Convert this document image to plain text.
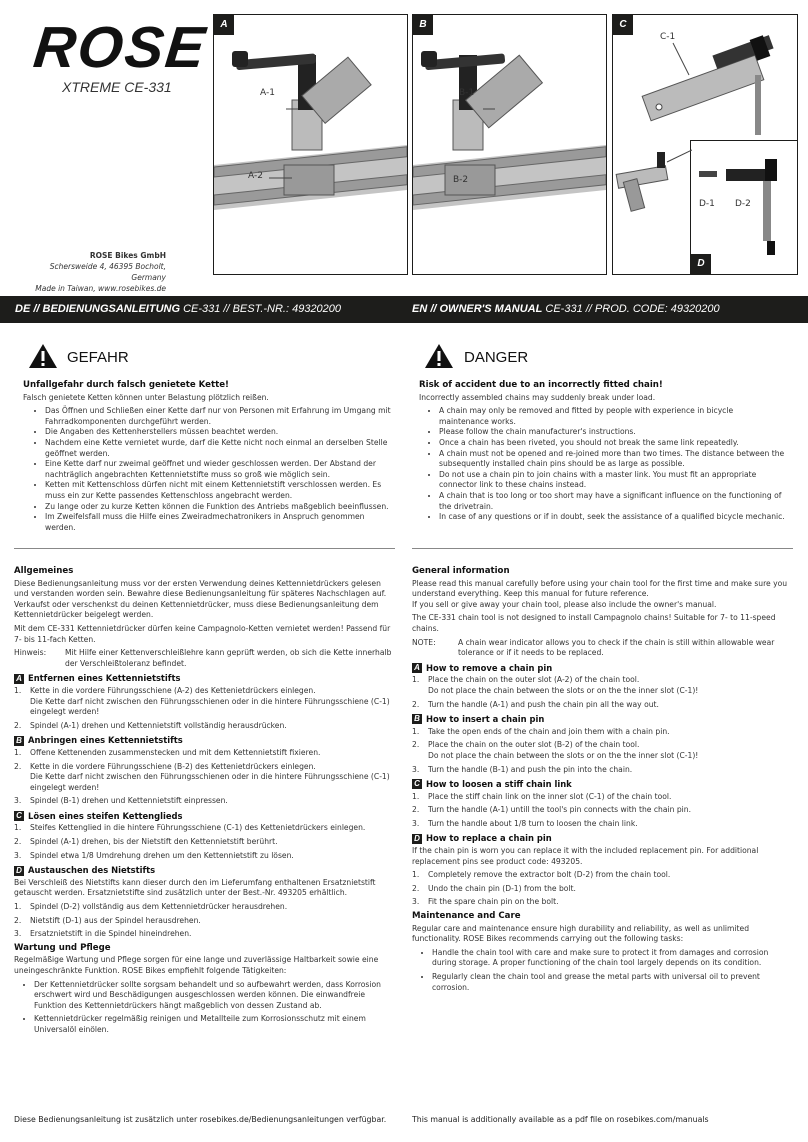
ROSE
XTREME CE-331
ROSE Bikes GmbH
Schersweide 4, 46395 Bocholt, Germany
Made in Taiwan, www.rosebikes.de
A
A-1
A-2
B
B-1
B-2
C
C-1
D
D-1 D-2
DE // BEDIENUNGSANLEITUNG CE-331 // BEST.-NR.: 49320200	EN // OWNER'S MANUAL CE-331 // PROD. CODE: 49320200
GEFAHR
Unfallgefahr durch falsch genietete Kette!

Falsch genietete Ketten können unter Belastung plötzlich reißen.

• Das Öffnen und Schließen einer Kette darf nur von Personen mit Erfahrung im Umgang mit Fahrradkomponenten durchgeführt werden.
• Die Angaben des Kettenherstellers müssen beachtet werden.
• Nachdem eine Kette vernietet wurde, darf die Kette nicht noch einmal an derselben Stelle geöffnet werden.
• Eine Kette darf nur zweimal geöffnet und wieder geschlossen werden. Der Abstand der nachträglich angebrachten Kettennietstifte muss so groß wie möglich sein.
• Ketten mit Kettenschloss dürfen nicht mit einem Kettennietstift verschlossen werden. Es muss ein zur Kette passendes Kettenschloss angebracht werden.
• Zu lange oder zu kurze Ketten können die Funktion des Antriebs maßgeblich beeinflussen.
• Im Zweifelsfall muss die Hilfe eines Zweiradmechatronikers in Anspruch genommen werden.
DANGER
Risk of accident due to an incorrectly fitted chain!

Incorrectly assembled chains may suddenly break under load.

• A chain may only be removed and fitted by people with experience in bicycle maintenance works.
• Please follow the chain manufacturer's instructions.
• Once a chain has been riveted, you should not break the same link repeatedly.
• A chain must not be opened and re-joined more than two times. The distance between the subsequently installed chain pins should be as large as possible.
• Do not use a chain pin to join chains with a master link. You must fit an appropriate connector link to these chains instead.
• A chain that is too long or too short may have a significant influence on the functioning of the drivetrain.
• In case of any questions or if in doubt, seek the assistance of a qualified bicycle mechanic.
Allgemeines

Diese Bedienungsanleitung muss vor der ersten Verwendung deines Kettennietdrückers gelesen und verstanden worden sein. Bewahre diese Bedienungsanleitung für späteres Nachschlagen auf. Verkaufst oder verschenkst du deinen Kettennietdrücker, muss diese Bedienungsanleitung dem Kettennietdrücker beigelegt werden.

Mit dem CE-331 Kettennietdrücker dürfen keine Campagnolo-Ketten vernietet werden! Passend für 7- bis 11-fach Ketten.

Hinweis:	Mit Hilfe einer Kettenverschleißlehre kann geprüft werden, ob sich die Kette innerhalb der Verschleißtoleranz befindet.
A Entfernen eines Kettennietstifts
1. Kette in die vordere Führungsschiene (A-2) des Kettenietdrückers einlegen.
Die Kette darf nicht zwischen den Führungsschienen oder in die hintere Führungsschiene (C-1) eingelegt werden!
2. Spindel (A-1) drehen und Kettennietstift vollständig herausdrücken.
B Anbringen eines Kettennietstifts
1. Offene Kettenenden zusammenstecken und mit dem Kettennietstift fixieren.
2. Kette in die vordere Führungsschiene (B-2) des Kettenietdrückers einlegen.
Die Kette darf nicht zwischen den Führungsschienen oder in die hintere Führungsschiene (C-1) eingelegt werden!
3. Spindel (B-1) drehen und Kettennietstift einpressen.
C Lösen eines steifen Kettenglieds
1. Steifes Kettenglied in die hintere Führungsschiene (C-1) des Kettenietdrückers einlegen.
2. Spindel (A-1) drehen, bis der Nietstift den Kettennietstift berührt.
3. Spindel etwa 1/8 Umdrehung drehen um den Kettennietstift zu lösen.
D Austauschen des Nietstifts

Bei Verschleiß des Nietstifts kann dieser durch den im Lieferumfang enthaltenen Ersatznietstift getauscht werden. Ersatznietstifte sind zusätzlich unter der Best.-Nr. 493205 erhältlich.

1. Spindel (D-2) vollständig aus dem Kettennietdrücker herausdrehen.
2. Nietstift (D-1) aus der Spindel herausdrehen.
3. Ersatznietstift in die Spindel hineindrehen.
Wartung und Pflege

Regelmäßige Wartung und Pflege sorgen für eine lange und zuverlässige Haltbarkeit sowie eine uneingeschränkte Funktion. ROSE Bikes empfiehlt folgende Tätigkeiten:

• Der Kettennietdrücker sollte sorgsam behandelt und so aufbewahrt werden, dass Korrosion erschwert wird und Beschädigungen ausgeschlossen werden können. Die einwandfreie Funktion des Kettennietdrückers hängt maßgeblich von dessen Zustand ab.
• Kettennietdrücker regelmäßig reinigen und Metallteile zum Korrosionsschutz mit einem Universalöl einölen.
General information

Please read this manual carefully before using your chain tool for the first time and make sure you understand everything. Keep this manual for future reference.

If you sell or give away your chain tool, please also include the owner's manual.

The CE-331 chain tool is not designed to install Campagnolo chains! Suitable for 7- to 11-speed chains.

NOTE:	A chain wear indicator allows you to check if the chain is still within allowable wear tolerance or if it needs to be replaced.
A How to remove a chain pin
1. Place the chain on the outer slot (A-2) of the chain tool.
Do not place the chain between the slots or on the the inner slot (C-1)!
2. Turn the handle (A-1) and push the chain pin all the way out.
B How to insert a chain pin
1. Take the open ends of the chain and join them with a chain pin.
2. Place the chain on the outer slot (B-2) of the chain tool.
Do not place the chain between the slots or on the the inner slot (C-1)!
3. Turn the handle (B-1) and push the pin into the chain.
C How to loosen a stiff chain link
1. Place the stiff chain link on the inner slot (C-1) of the chain tool.
2. Turn the handle (A-1) untill the tool's pin connects with the chain pin.
3. Turn the handle about 1/8 turn to loosen the chain link.
D How to replace a chain pin

If the chain pin is worn you can replace it with the included replacement pin. For additional replacement pins see product code: 493205.

1. Completely remove the extractor bolt (D-2) from the chain tool.
2. Undo the chain pin (D-1) from the bolt.
3. Fit the spare chain pin on the bolt.
Maintenance and Care

Regular care and maintenance ensure high durability and reliability, as well as unlimited functionality. ROSE Bikes recommends carrying out the following tasks:

• Handle the chain tool with care and make sure to protect it from damages and corrosion during storage. A proper functioning of the chain tool largely depends on its condition.
• Regularly clean the chain tool and grease the metal parts with universal oil to prevent corrosion.
Diese Bedienungsanleitung ist zusätzlich unter rosebikes.de/Bedienungsanleitungen verfügbar.	This manual is additionally available as a pdf file on rosebikes.com/manuals
